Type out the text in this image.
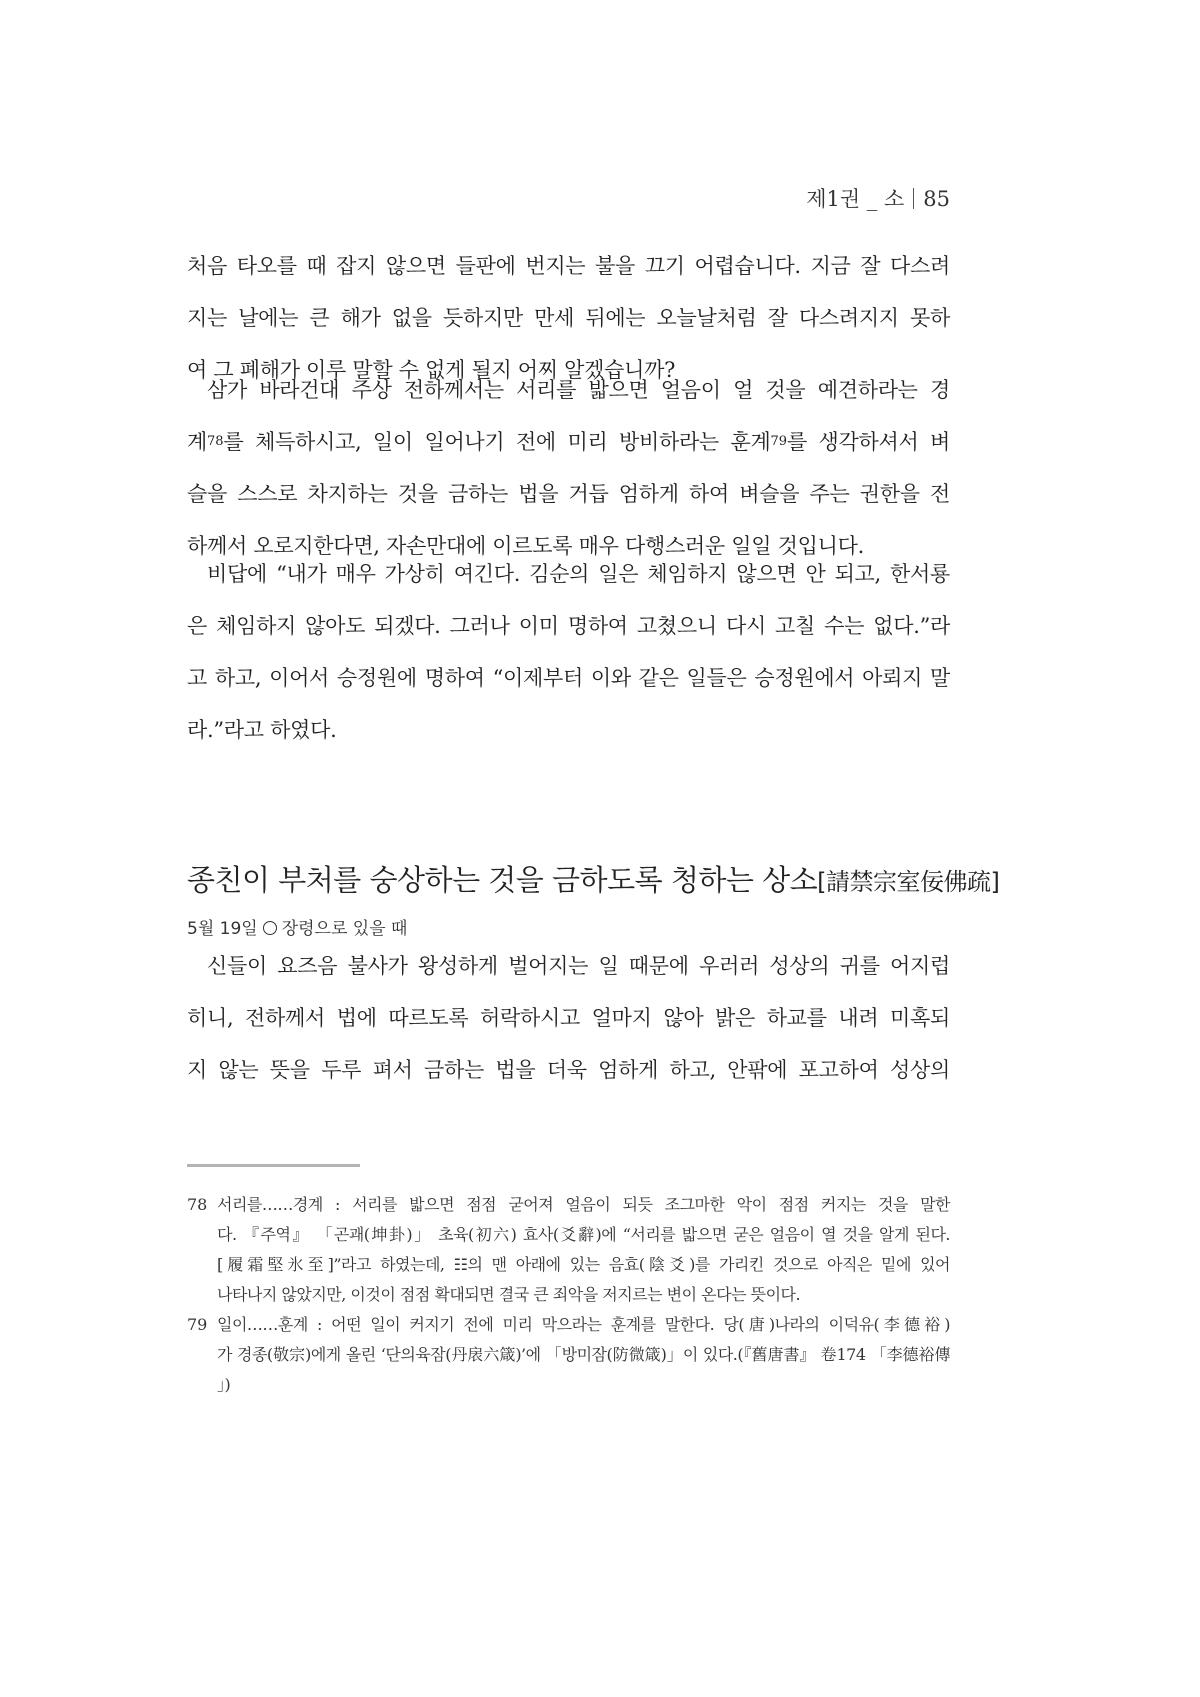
제1권 _ 소 85
처음 타오를 때 잡지 않으면 들판에 번지는 불을 끄기 어렵습니다. 지금 잘 다스려
지는 날에는 큰 해가 없을 듯하지만 만세 뒤에는 오늘날처럼 잘 다스려지지 못하
여 그 폐해가 이루 말할 수 없게 될지 어찌 알겠습니까?
삼가 바라건대 주상 전하께서는 서리를 밟으면 얼음이 얼 것을 예견하라는 경
계$^{78}$를 체득하시고, 일이 일어나기 전에 미리 방비하라는 훈계$^{79}$를 생각하셔서 벼
슬을 스스로 차지하는 것을 금하는 법을 거듭 엄하게 하여 벼슬을 주는 권한을 전
하께서 오로지한다면, 자손만대에 이르도록 매우 다행스러운 일일 것입니다.
비답에 “내가 매우 가상히 여긴다. 김순의 일은 체임하지 않으면 안 되고, 한서룡
은 체임하지 않아도 되겠다. 그러나 이미 명하여 고쳤으니 다시 고칠 수는 없다.”라
고 하고, 이어서 승정원에 명하여 “이제부터 이와 같은 일들은 승정원에서 아뢰지 말
라.”라고 하였다.
종친이 부처를 숭상하는 것을 금하도록 청하는 상소[請禁宗室佞佛疏]
5월 19일 장령으로 있을 때
신들이 요즈음 불사가 왕성하게 벌어지는 일 때문에 우러러 성상의 귀를 어지럽
히니, 전하께서 법에 따르도록 허락하시고 얼마지 않아 밝은 하교를 내려 미혹되
지 않는 뜻을 두루 펴서 금하는 법을 더욱 엄하게 하고, 안팎에 포고하여 성상의
78 서리를……경계 : 서리를 밟으면 점점 굳어져 얼음이 되듯 조그마한 악이 점점 커지는 것을 말한
다. 『주역』 「곤괘(坤卦)」 초육(初六) 효사(爻辭)에 “서리를 밟으면 굳은 얼음이 열 것을 알게 된다.
[履霜堅氷至]”라고 하였는데, ☷의 맨 아래에 있는 음효(陰爻)를 가리킨 것으로 아직은 밑에 있어
나타나지 않았지만, 이것이 점점 확대되면 결국 큰 죄악을 저지르는 변이 온다는 뜻이다.
79 일이……훈계 : 어떤 일이 커지기 전에 미리 막으라는 훈계를 말한다. 당(唐)나라의 이덕유(李德裕)
가 경종(敬宗)에게 올린 ‘단의육잠(丹扆六箴)’에 「방미잠(防微箴)」이 있다.(『舊唐書』 卷174 「李德裕傳
」)
